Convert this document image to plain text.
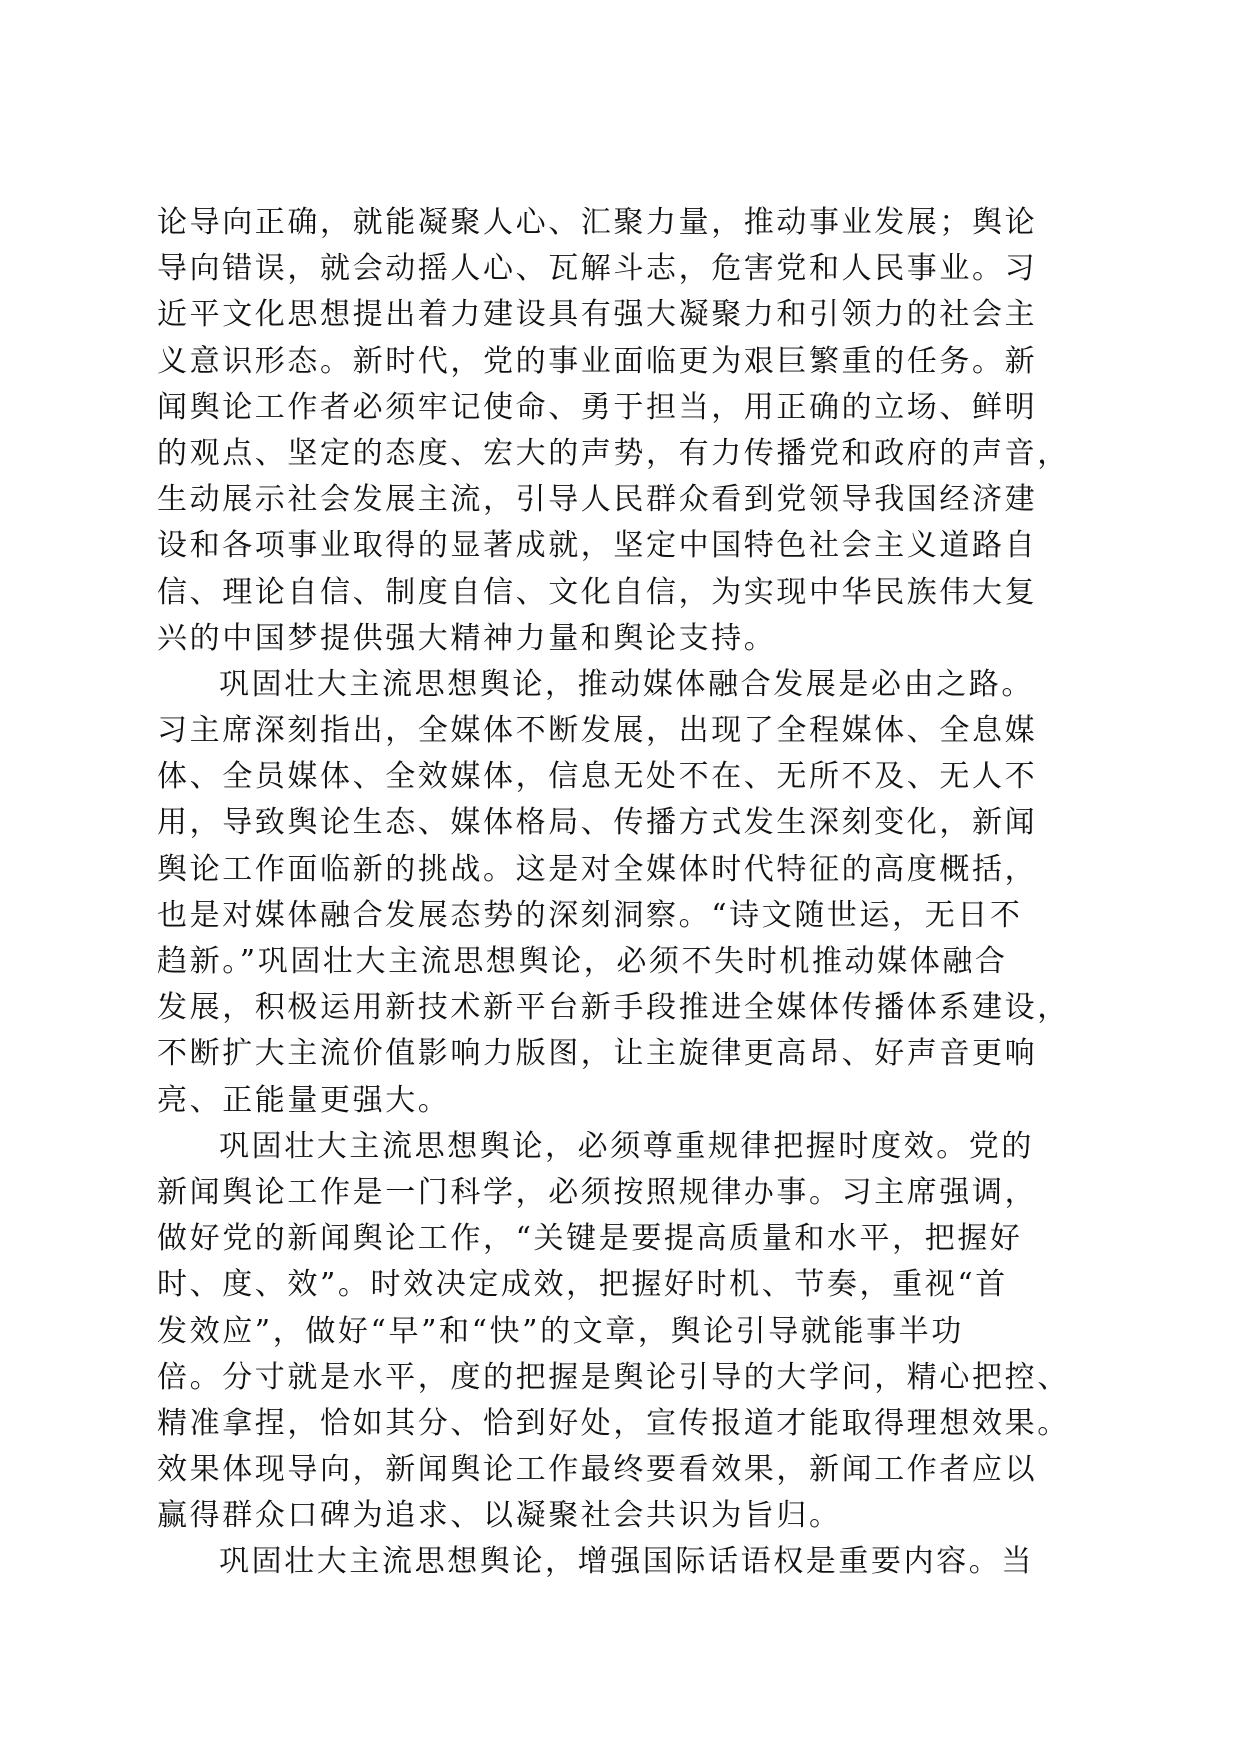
论导向正确，就能凝聚人心、汇聚力量，推动事业发展；舆论
导向错误，就会动摇人心、瓦解斗志，危害党和人民事业。习
近平文化思想提出着力建设具有强大凝聚力和引领力的社会主
义意识形态。新时代，党的事业面临更为艰巨繁重的任务。新
闻舆论工作者必须牢记使命、勇于担当，用正确的立场、鲜明
的观点、坚定的态度、宏大的声势，有力传播党和政府的声音，
生动展示社会发展主流，引导人民群众看到党领导我国经济建
设和各项事业取得的显著成就，坚定中国特色社会主义道路自
信、理论自信、制度自信、文化自信，为实现中华民族伟大复
兴的中国梦提供强大精神力量和舆论支持。
巩固壮大主流思想舆论，推动媒体融合发展是必由之路。
习主席深刻指出，全媒体不断发展，出现了全程媒体、全息媒
体、全员媒体、全效媒体，信息无处不在、无所不及、无人不
用，导致舆论生态、媒体格局、传播方式发生深刻变化，新闻
舆论工作面临新的挑战。这是对全媒体时代特征的高度概括，
也是对媒体融合发展态势的深刻洞察。“诗文随世运，无日不
趋新。”巩固壮大主流思想舆论，必须不失时机推动媒体融合
发展，积极运用新技术新平台新手段推进全媒体传播体系建设，
不断扩大主流价值影响力版图，让主旋律更高昂、好声音更响
亮、正能量更强大。
巩固壮大主流思想舆论，必须尊重规律把握时度效。党的
新闻舆论工作是一门科学，必须按照规律办事。习主席强调，
做好党的新闻舆论工作，“关键是要提高质量和水平，把握好
时、度、效”。时效决定成效，把握好时机、节奏，重视“首
发效应”，做好“早”和“快”的文章，舆论引导就能事半功
倍。分寸就是水平，度的把握是舆论引导的大学问，精心把控、
精准拿捏，恰如其分、恰到好处，宣传报道才能取得理想效果。
效果体现导向，新闻舆论工作最终要看效果，新闻工作者应以
赢得群众口碑为追求、以凝聚社会共识为旨归。
巩固壮大主流思想舆论，增强国际话语权是重要内容。当
